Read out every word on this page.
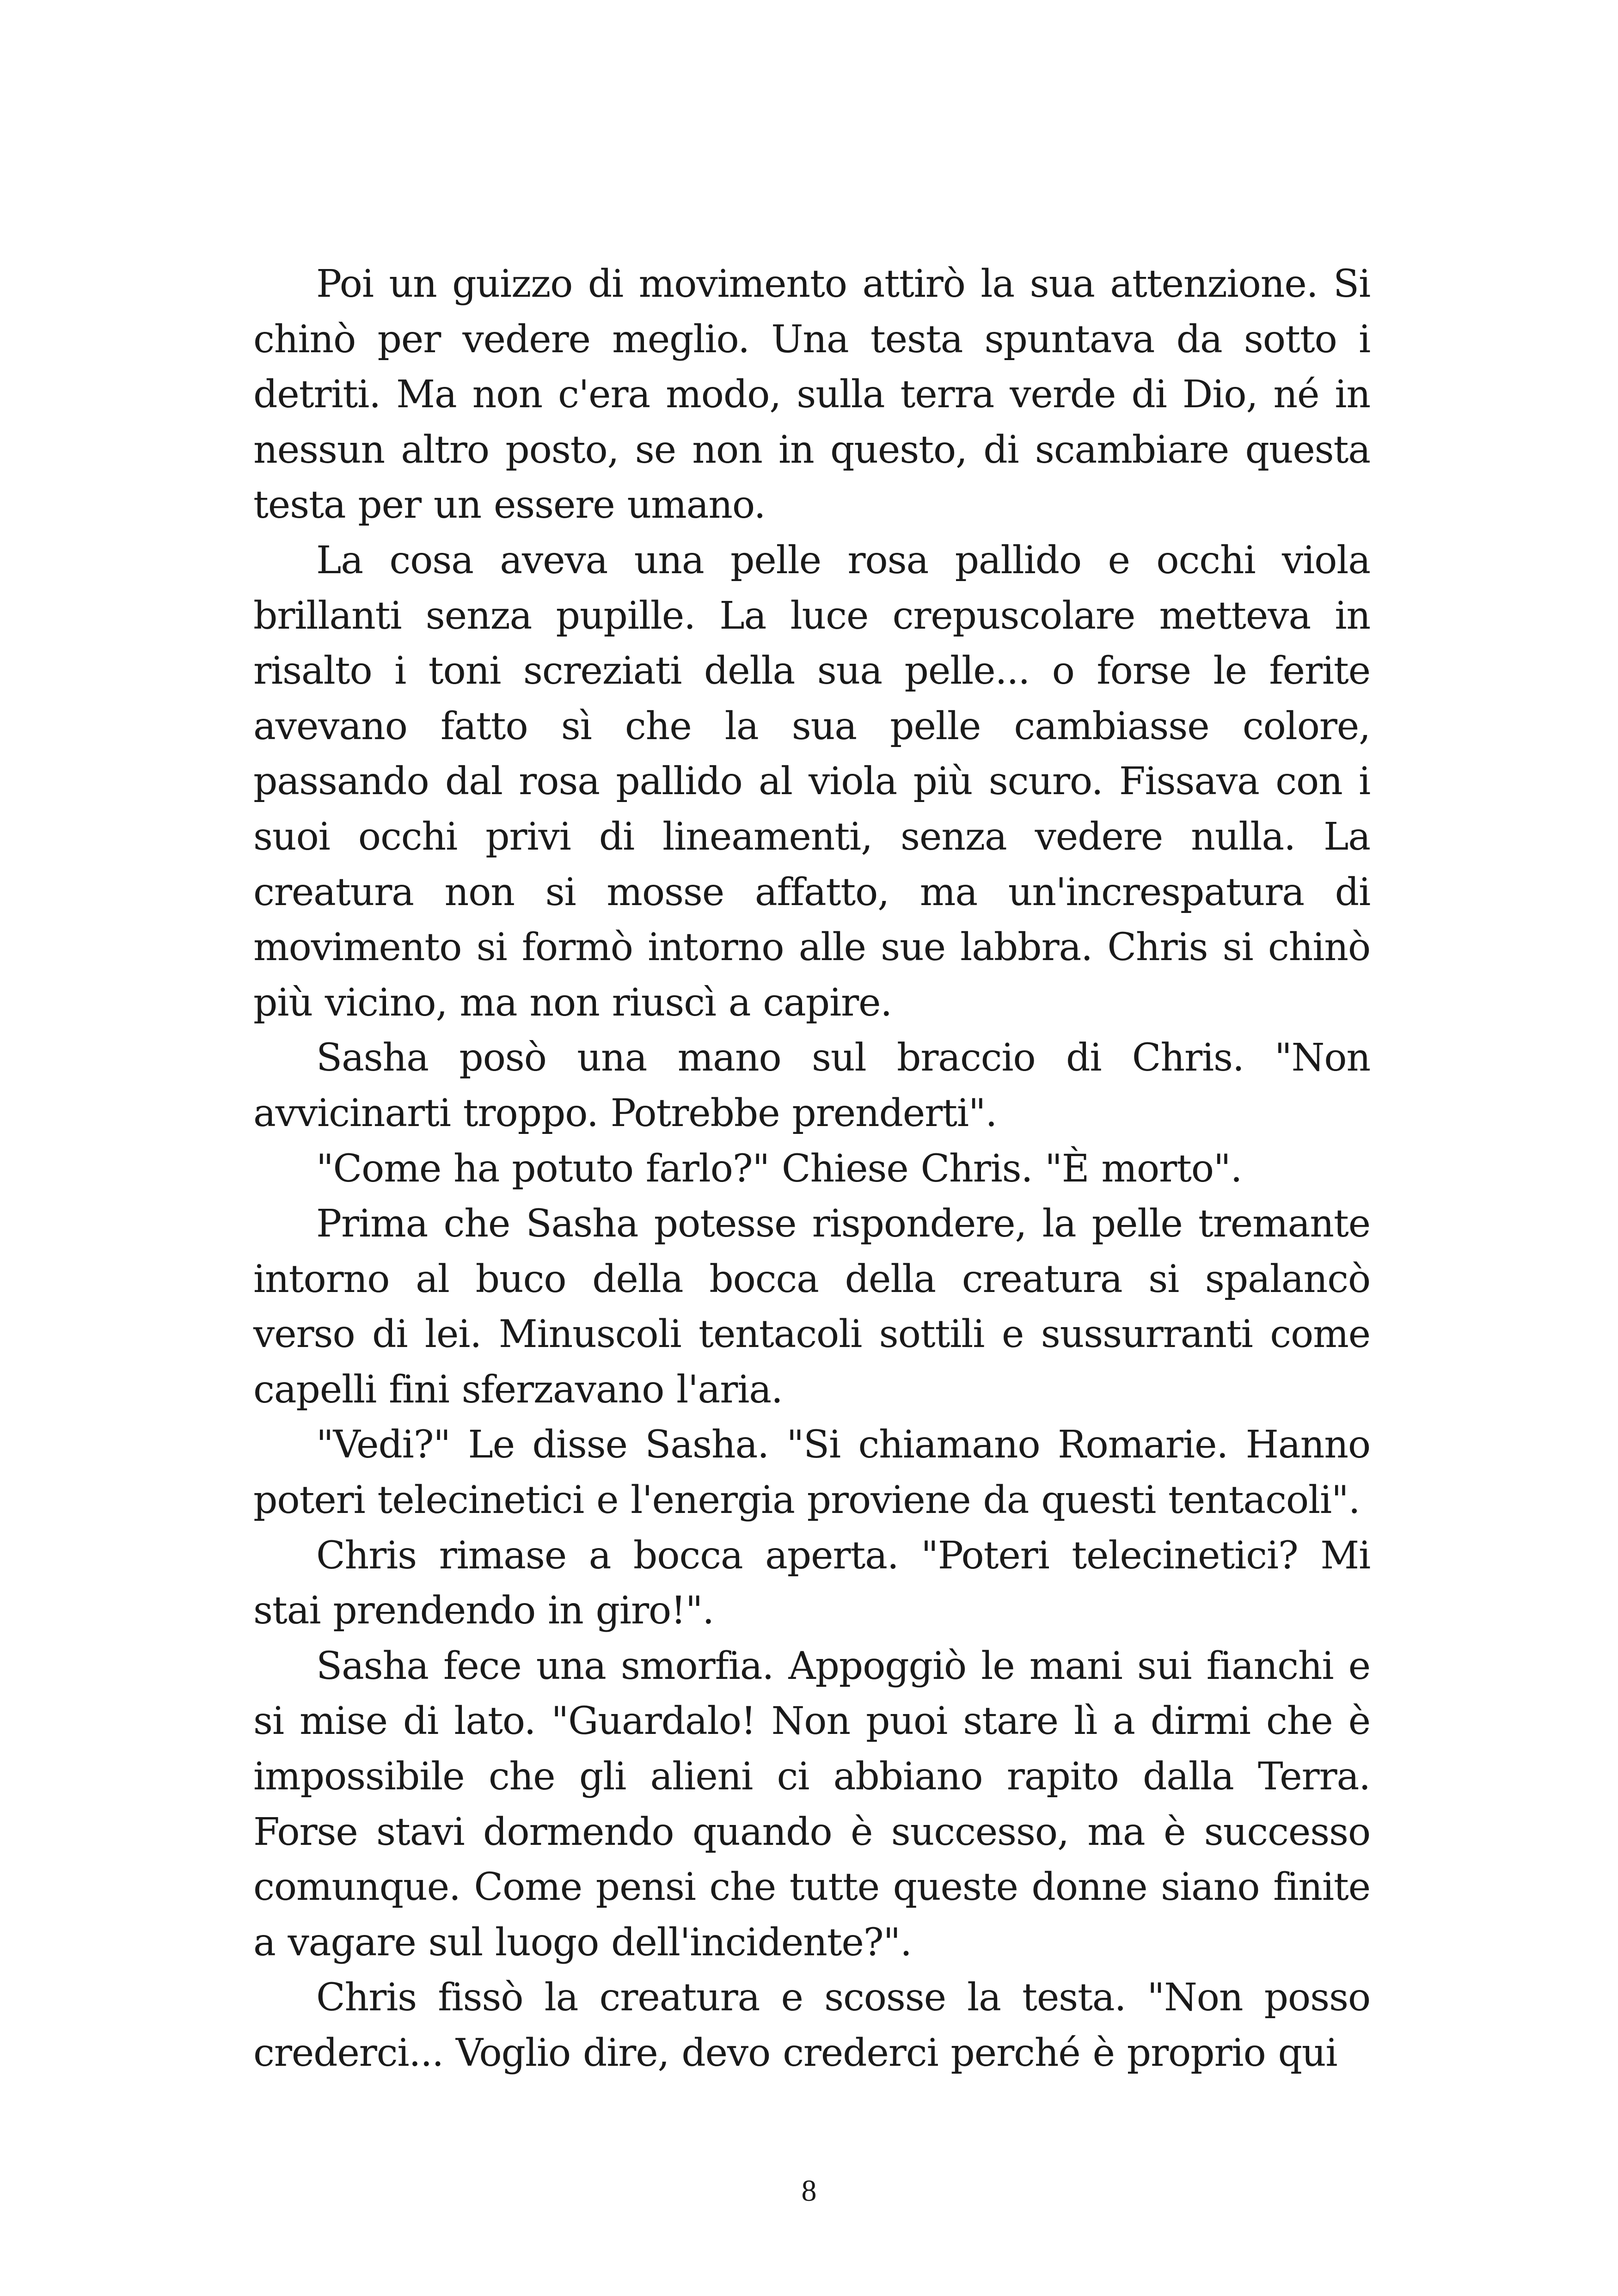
Poi un guizzo di movimento attirò la sua attenzione. Si chinò per vedere meglio. Una testa spuntava da sotto i detriti. Ma non c'era modo, sulla terra verde di Dio, né in nessun altro posto, se non in questo, di scambiare questa testa per un essere umano.

La cosa aveva una pelle rosa pallido e occhi viola brillanti senza pupille. La luce crepuscolare metteva in risalto i toni screziati della sua pelle... o forse le ferite avevano fatto sì che la sua pelle cambiasse colore, passando dal rosa pallido al viola più scuro. Fissava con i suoi occhi privi di lineamenti, senza vedere nulla. La creatura non si mosse affatto, ma un'increspatura di movimento si formò intorno alle sue labbra. Chris si chinò più vicino, ma non riuscì a capire.

Sasha posò una mano sul braccio di Chris. "Non avvicinarti troppo. Potrebbe prenderti".

"Come ha potuto farlo?" Chiese Chris. "È morto".

Prima che Sasha potesse rispondere, la pelle tremante intorno al buco della bocca della creatura si spalancò verso di lei. Minuscoli tentacoli sottili e sussurranti come capelli fini sferzavano l'aria.

"Vedi?" Le disse Sasha. "Si chiamano Romarie. Hanno poteri telecinetici e l'energia proviene da questi tentacoli".

Chris rimase a bocca aperta. "Poteri telecinetici? Mi stai prendendo in giro!".

Sasha fece una smorfia. Appoggiò le mani sui fianchi e si mise di lato. "Guardalo! Non puoi stare lì a dirmi che è impossibile che gli alieni ci abbiano rapito dalla Terra. Forse stavi dormendo quando è successo, ma è successo comunque. Come pensi che tutte queste donne siano finite a vagare sul luogo dell'incidente?".

Chris fissò la creatura e scosse la testa. "Non posso crederci... Voglio dire, devo crederci perché è proprio qui

8
